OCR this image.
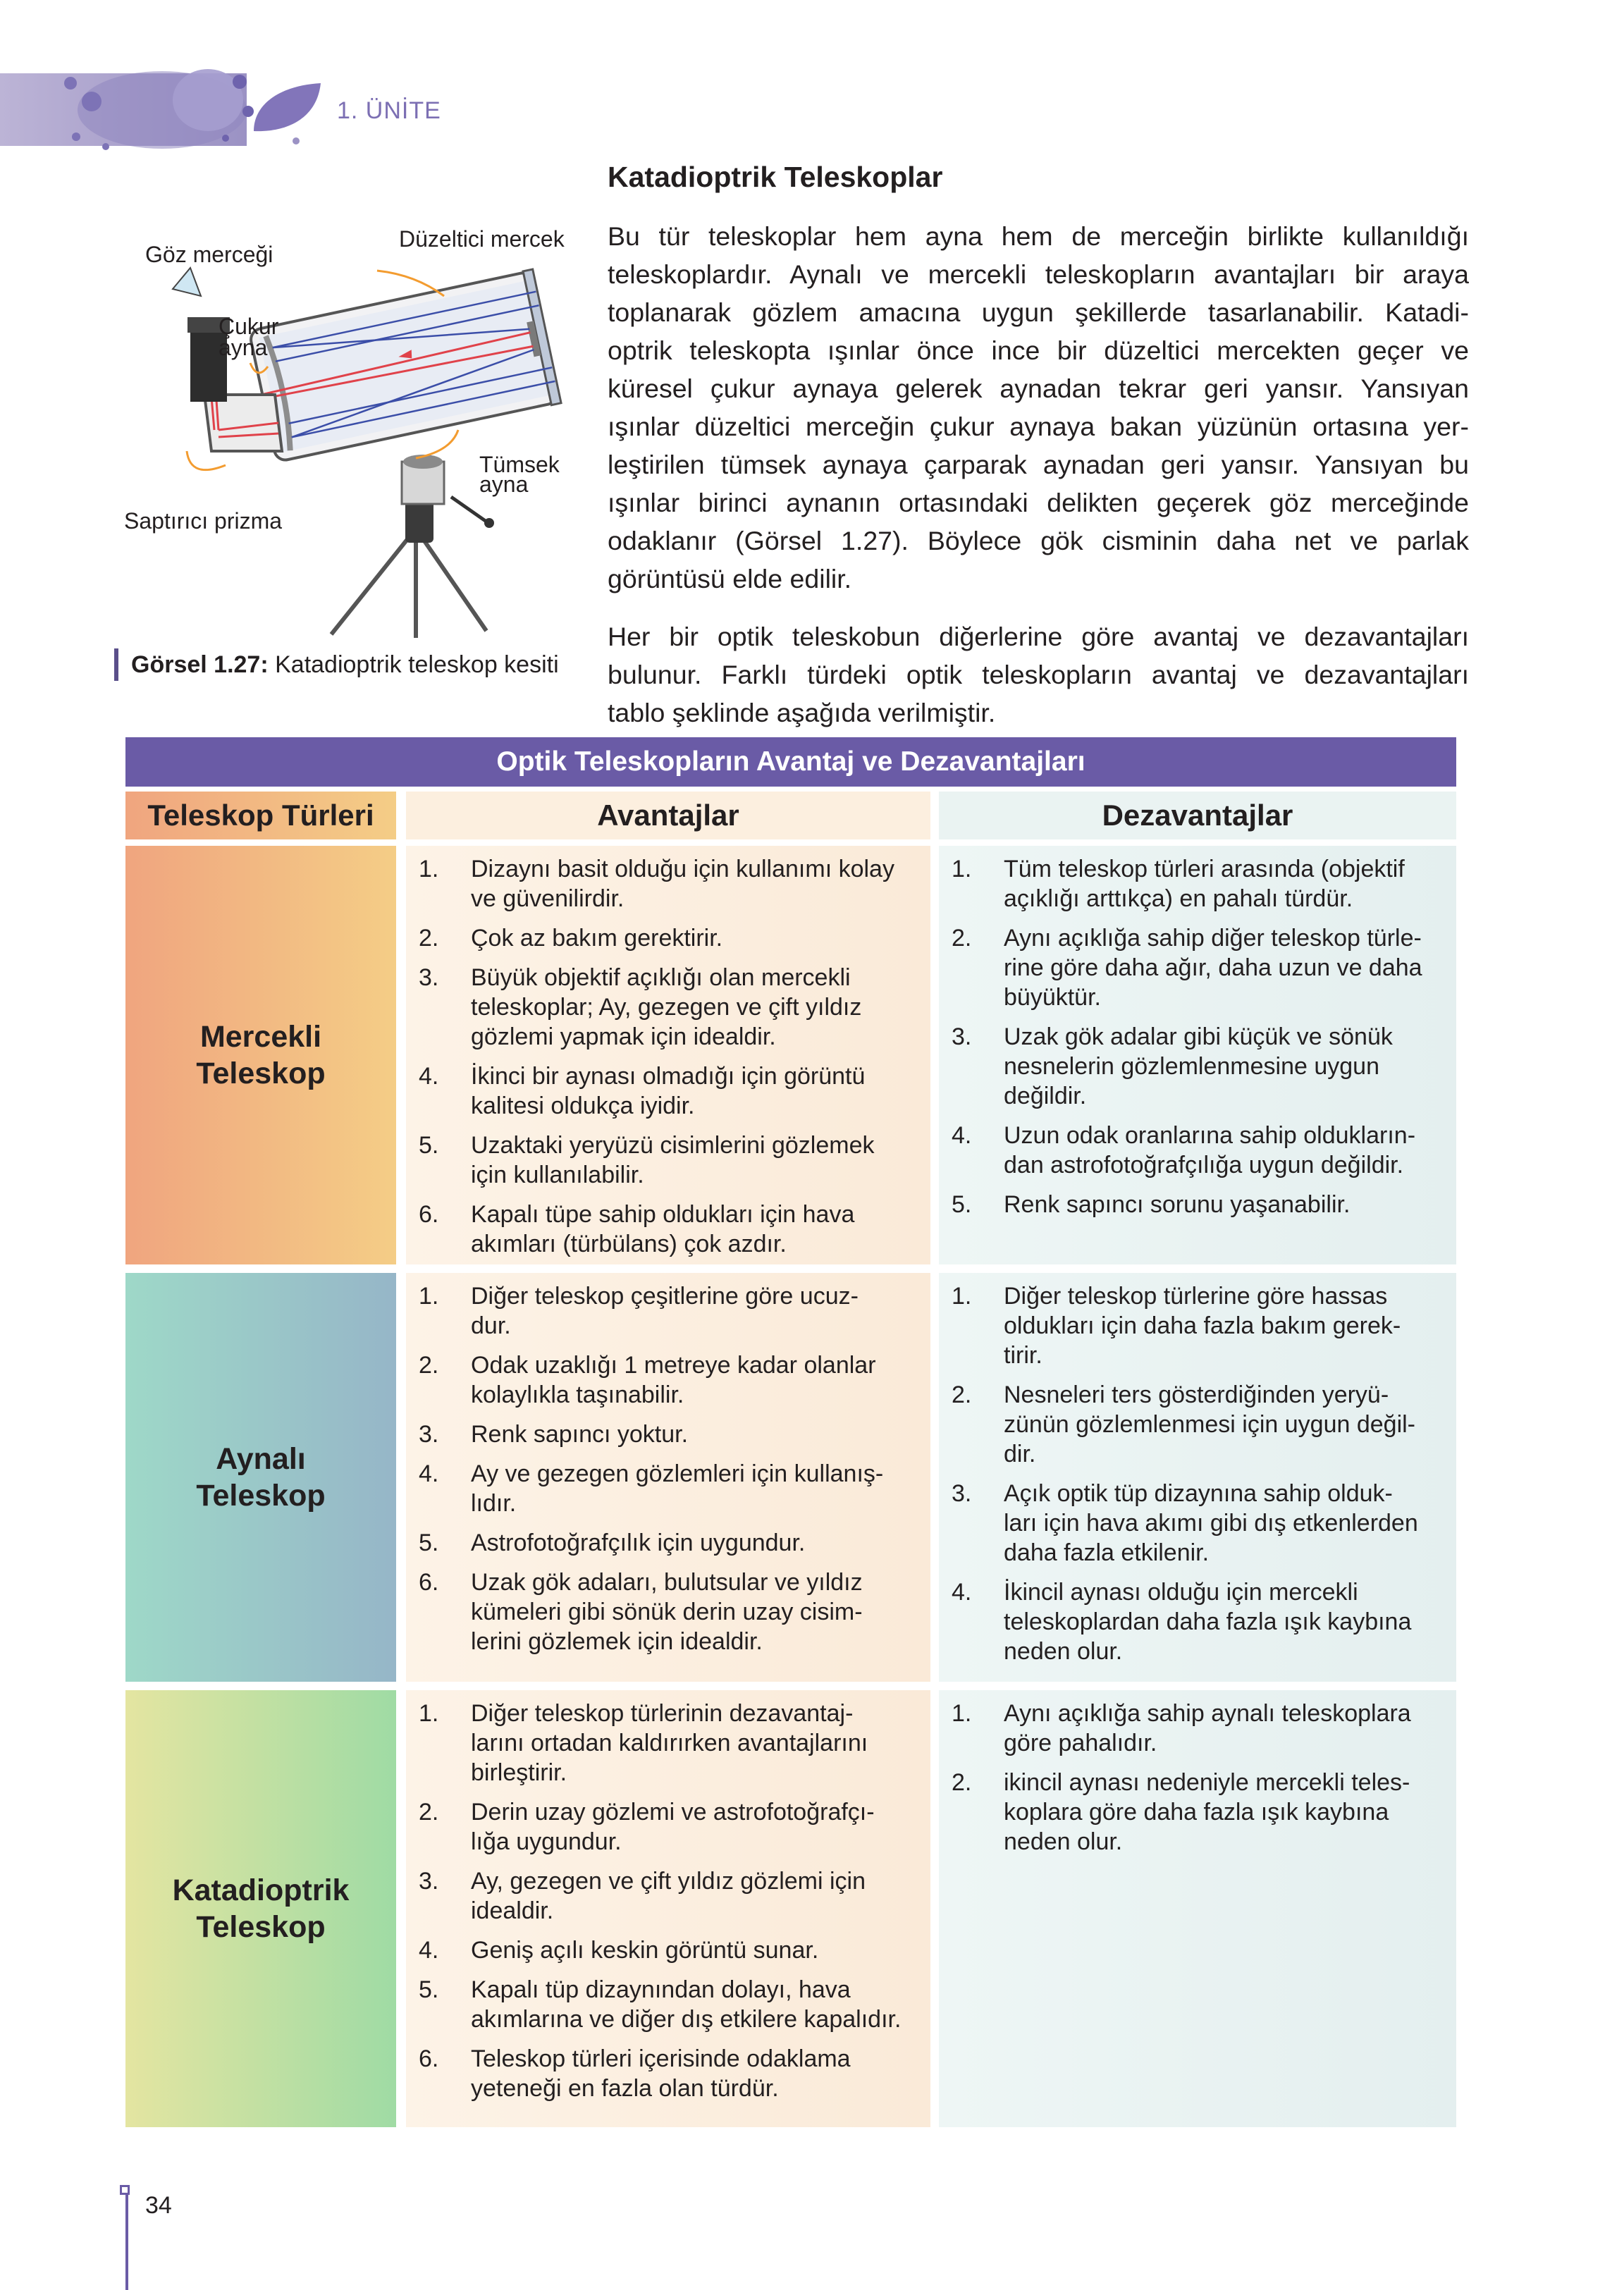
1. ÜNİTE
Katadioptrik Teleskoplar
Bu tür teleskoplar hem ayna hem de merceğin birlikte kullanıldığı
teleskoplardır. Aynalı ve mercekli teleskopların avantajları bir araya
toplanarak gözlem amacına uygun şekillerde tasarlanabilir. Katadi-
optrik teleskopta ışınlar önce ince bir düzeltici mercekten geçer ve
küresel çukur aynaya gelerek aynadan tekrar geri yansır. Yansıyan
ışınlar düzeltici merceğin çukur aynaya bakan yüzünün ortasına yer-
leştirilen tümsek aynaya çarparak aynadan geri yansır. Yansıyan bu
ışınlar birinci aynanın ortasındaki delikten geçerek göz merceğinde
odaklanır (Görsel 1.27). Böylece gök cisminin daha net ve parlak
görüntüsü elde edilir.
Her bir optik teleskobun diğerlerine göre avantaj ve dezavantajları
bulunur. Farklı türdeki optik teleskopların avantaj ve dezavantajları
tablo şeklinde aşağıda verilmiştir.
Göz merceği
Düzeltici mercek
Çukur
ayna
Tümsek
ayna
Saptırıcı prizma
Görsel 1.27: Katadioptrik teleskop kesiti
Optik Teleskopların Avantaj ve Dezavantajları
Teleskop Türleri	Avantajlar	Dezavantajlar
Mercekli
Teleskop
Aynalı
Teleskop
Katadioptrik
Teleskop
1. Dizaynı basit olduğu için kullanımı kolay
ve güvenilirdir.
2. Çok az bakım gerektirir.
3. Büyük objektif açıklığı olan mercekli
teleskoplar; Ay, gezegen ve çift yıldız
gözlemi yapmak için idealdir.
4. İkinci bir aynası olmadığı için görüntü
kalitesi oldukça iyidir.
5. Uzaktaki yeryüzü cisimlerini gözlemek
için kullanılabilir.
6. Kapalı tüpe sahip oldukları için hava
akımları (türbülans) çok azdır.
1. Diğer teleskop çeşitlerine göre ucuz-
dur.
2. Odak uzaklığı 1 metreye kadar olanlar
kolaylıkla taşınabilir.
3. Renk sapıncı yoktur.
4. Ay ve gezegen gözlemleri için kullanış-
lıdır.
5. Astrofotoğrafçılık için uygundur.
6. Uzak gök adaları, bulutsular ve yıldız
kümeleri gibi sönük derin uzay cisim-
lerini gözlemek için idealdir.
1. Diğer teleskop türlerinin dezavantaj-
larını ortadan kaldırırken avantajlarını
birleştirir.
2. Derin uzay gözlemi ve astrofotoğrafçı-
lığa uygundur.
3. Ay, gezegen ve çift yıldız gözlemi için
idealdir.
4. Geniş açılı keskin görüntü sunar.
5. Kapalı tüp dizaynından dolayı, hava
akımlarına ve diğer dış etkilere kapalıdır.
6. Teleskop türleri içerisinde odaklama
yeteneği en fazla olan türdür.
1. Tüm teleskop türleri arasında (objektif
açıklığı arttıkça) en pahalı türdür.
2. Aynı açıklığa sahip diğer teleskop türle-
rine göre daha ağır, daha uzun ve daha
büyüktür.
3. Uzak gök adalar gibi küçük ve sönük
nesnelerin gözlemlenmesine uygun
değildir.
4. Uzun odak oranlarına sahip oldukların-
dan astrofotoğrafçılığa uygun değildir.
5. Renk sapıncı sorunu yaşanabilir.
1. Diğer teleskop türlerine göre hassas
oldukları için daha fazla bakım gerek-
tirir.
2. Nesneleri ters gösterdiğinden yeryü-
zünün gözlemlenmesi için uygun değil-
dir.
3. Açık optik tüp dizaynına sahip olduk-
ları için hava akımı gibi dış etkenlerden
daha fazla etkilenir.
4. İkincil aynası olduğu için mercekli
teleskoplardan daha fazla ışık kaybına
neden olur.
1. Aynı açıklığa sahip aynalı teleskoplara
göre pahalıdır.
2. ikincil aynası nedeniyle mercekli teles-
koplara göre daha fazla ışık kaybına
neden olur.
34
